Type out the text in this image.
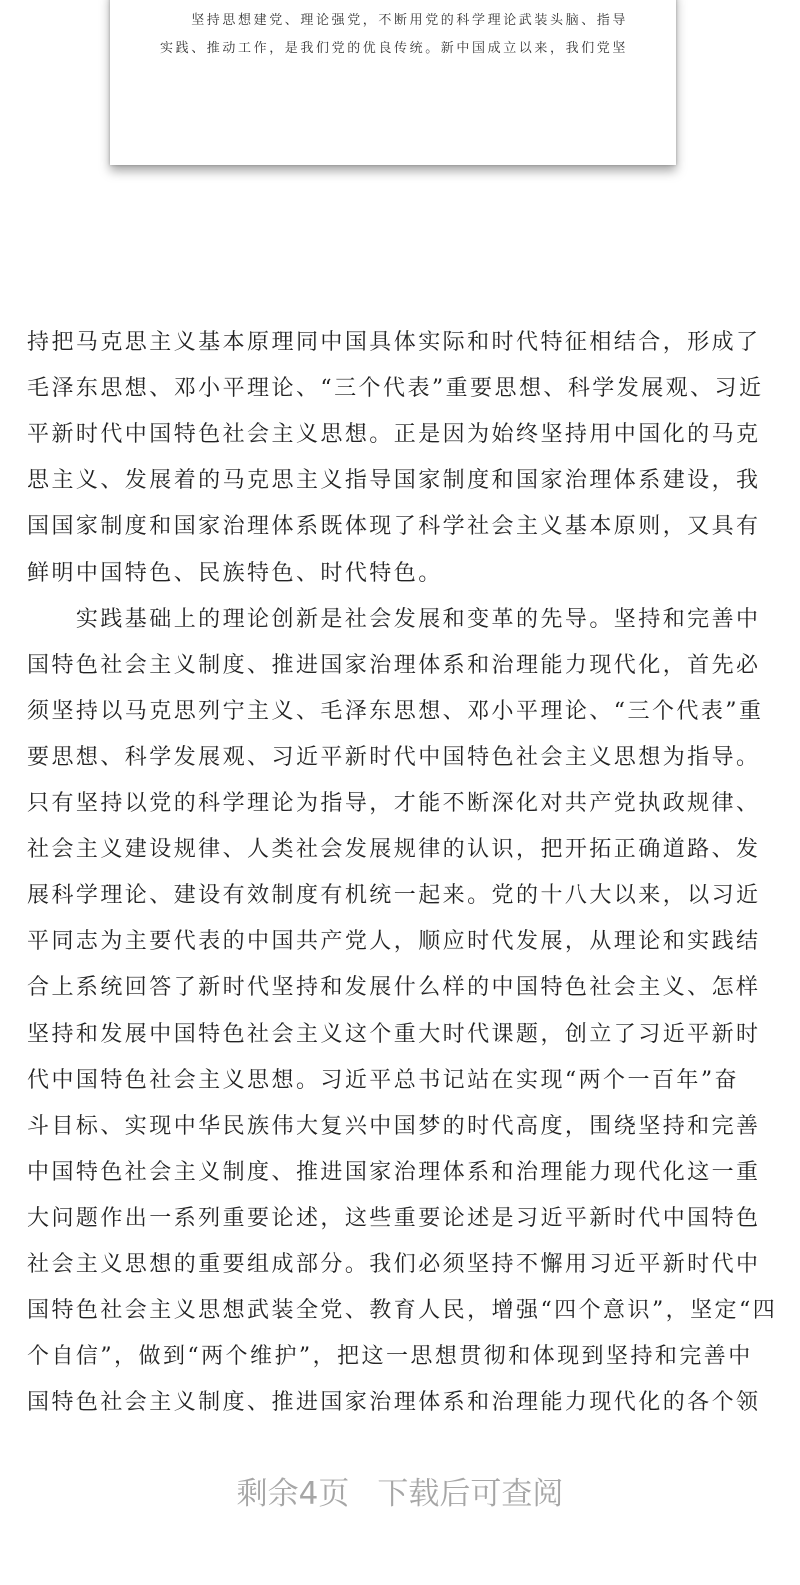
　　坚持思想建党、理论强党，不断用党的科学理论武装头脑、指导
实践、推动工作，是我们党的优良传统。新中国成立以来，我们党坚
持把马克思主义基本原理同中国具体实际和时代特征相结合，形成了
毛泽东思想、邓小平理论、“三个代表”重要思想、科学发展观、习近
平新时代中国特色社会主义思想。正是因为始终坚持用中国化的马克
思主义、发展着的马克思主义指导国家制度和国家治理体系建设，我
国国家制度和国家治理体系既体现了科学社会主义基本原则，又具有
鲜明中国特色、民族特色、时代特色。
　　实践基础上的理论创新是社会发展和变革的先导。坚持和完善中
国特色社会主义制度、推进国家治理体系和治理能力现代化，首先必
须坚持以马克思列宁主义、毛泽东思想、邓小平理论、“三个代表”重
要思想、科学发展观、习近平新时代中国特色社会主义思想为指导。
只有坚持以党的科学理论为指导，才能不断深化对共产党执政规律、
社会主义建设规律、人类社会发展规律的认识，把开拓正确道路、发
展科学理论、建设有效制度有机统一起来。党的十八大以来，以习近
平同志为主要代表的中国共产党人，顺应时代发展，从理论和实践结
合上系统回答了新时代坚持和发展什么样的中国特色社会主义、怎样
坚持和发展中国特色社会主义这个重大时代课题，创立了习近平新时
代中国特色社会主义思想。习近平总书记站在实现“两个一百年”奋
斗目标、实现中华民族伟大复兴中国梦的时代高度，围绕坚持和完善
中国特色社会主义制度、推进国家治理体系和治理能力现代化这一重
大问题作出一系列重要论述，这些重要论述是习近平新时代中国特色
社会主义思想的重要组成部分。我们必须坚持不懈用习近平新时代中
国特色社会主义思想武装全党、教育人民，增强“四个意识”，坚定“四
个自信”，做到“两个维护”，把这一思想贯彻和体现到坚持和完善中
国特色社会主义制度、推进国家治理体系和治理能力现代化的各个领
剩余4页 下载后可查阅
